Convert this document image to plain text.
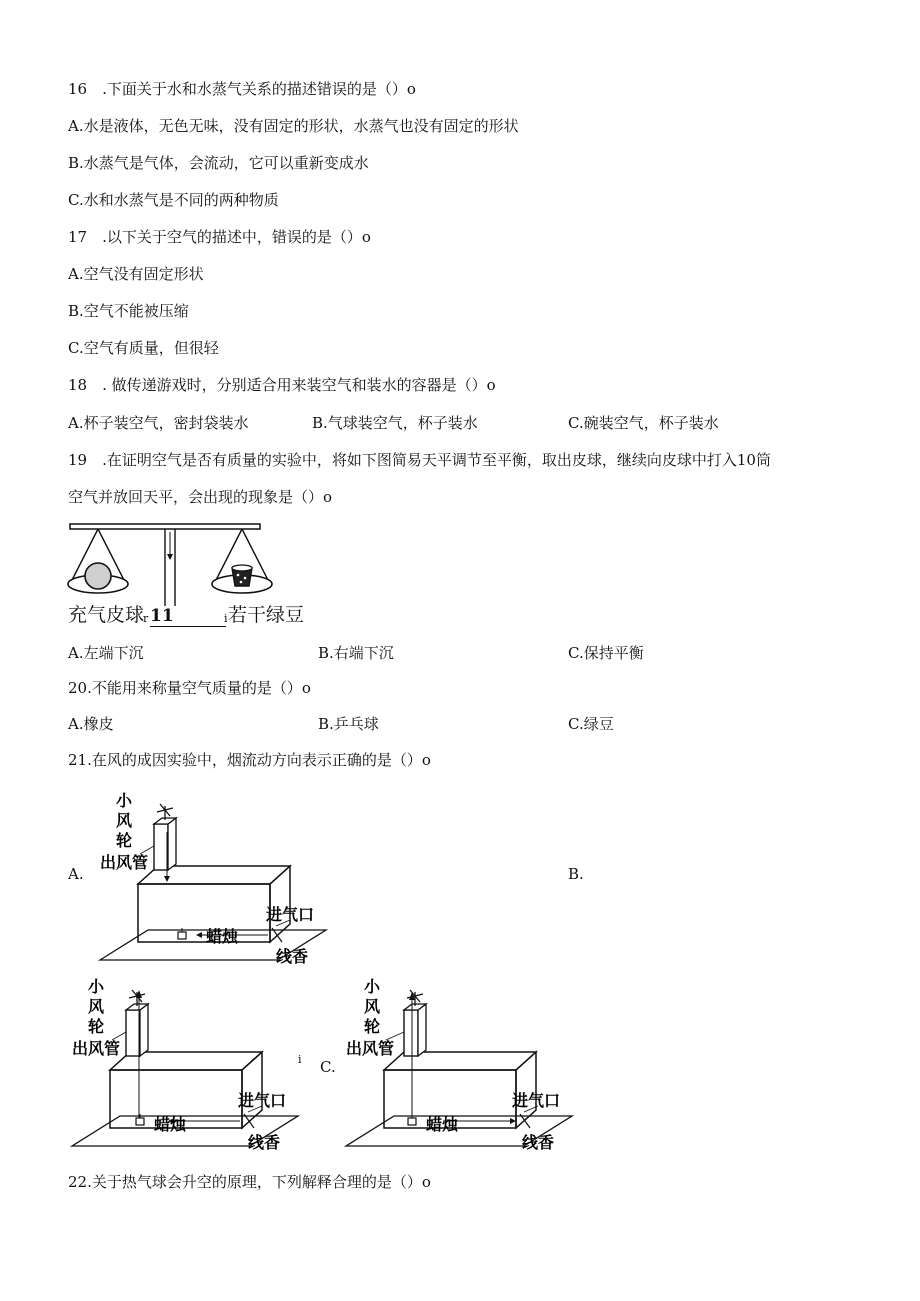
16　.下面关于水和水蒸气关系的描述错误的是（）o
A.水是液体，无色无味，没有固定的形状，水蒸气也没有固定的形状
B.水蒸气是气体，会流动，它可以重新变成水
C.水和水蒸气是不同的两种物质
17　.以下关于空气的描述中，错误的是（）o
A.空气没有固定形状
B.空气不能被压缩
C.空气有质量，但很轻
18　. 做传递游戏时，分别适合用来装空气和装水的容器是（）o
A.杯子装空气，密封袋装水	B.气球装空气，杯子装水	C.碗装空气，杯子装水
19　.在证明空气是否有质量的实验中，将如下图简易天平调节至平衡，取出皮球，继续向皮球中打入10筒
空气并放回天平，会出现的现象是（）o
充气皮球
r 11	i 若干绿豆
A.左端下沉	B.右端下沉	C.保持平衡
20.不能用来称量空气质量的是（）o
A.橡皮	B.乒乓球	C.绿豆
21.在风的成因实验中，烟流动方向表示正确的是（）o
A.	B.
i C.
小
风
轮
出风管
进气口
蜡烛
线香
小
风
轮
出风管
进气口
蜡烛
线香
小
风
轮
出风管
进气口
蜡烛
线香
22.关于热气球会升空的原理，下列解释合理的是（）o
